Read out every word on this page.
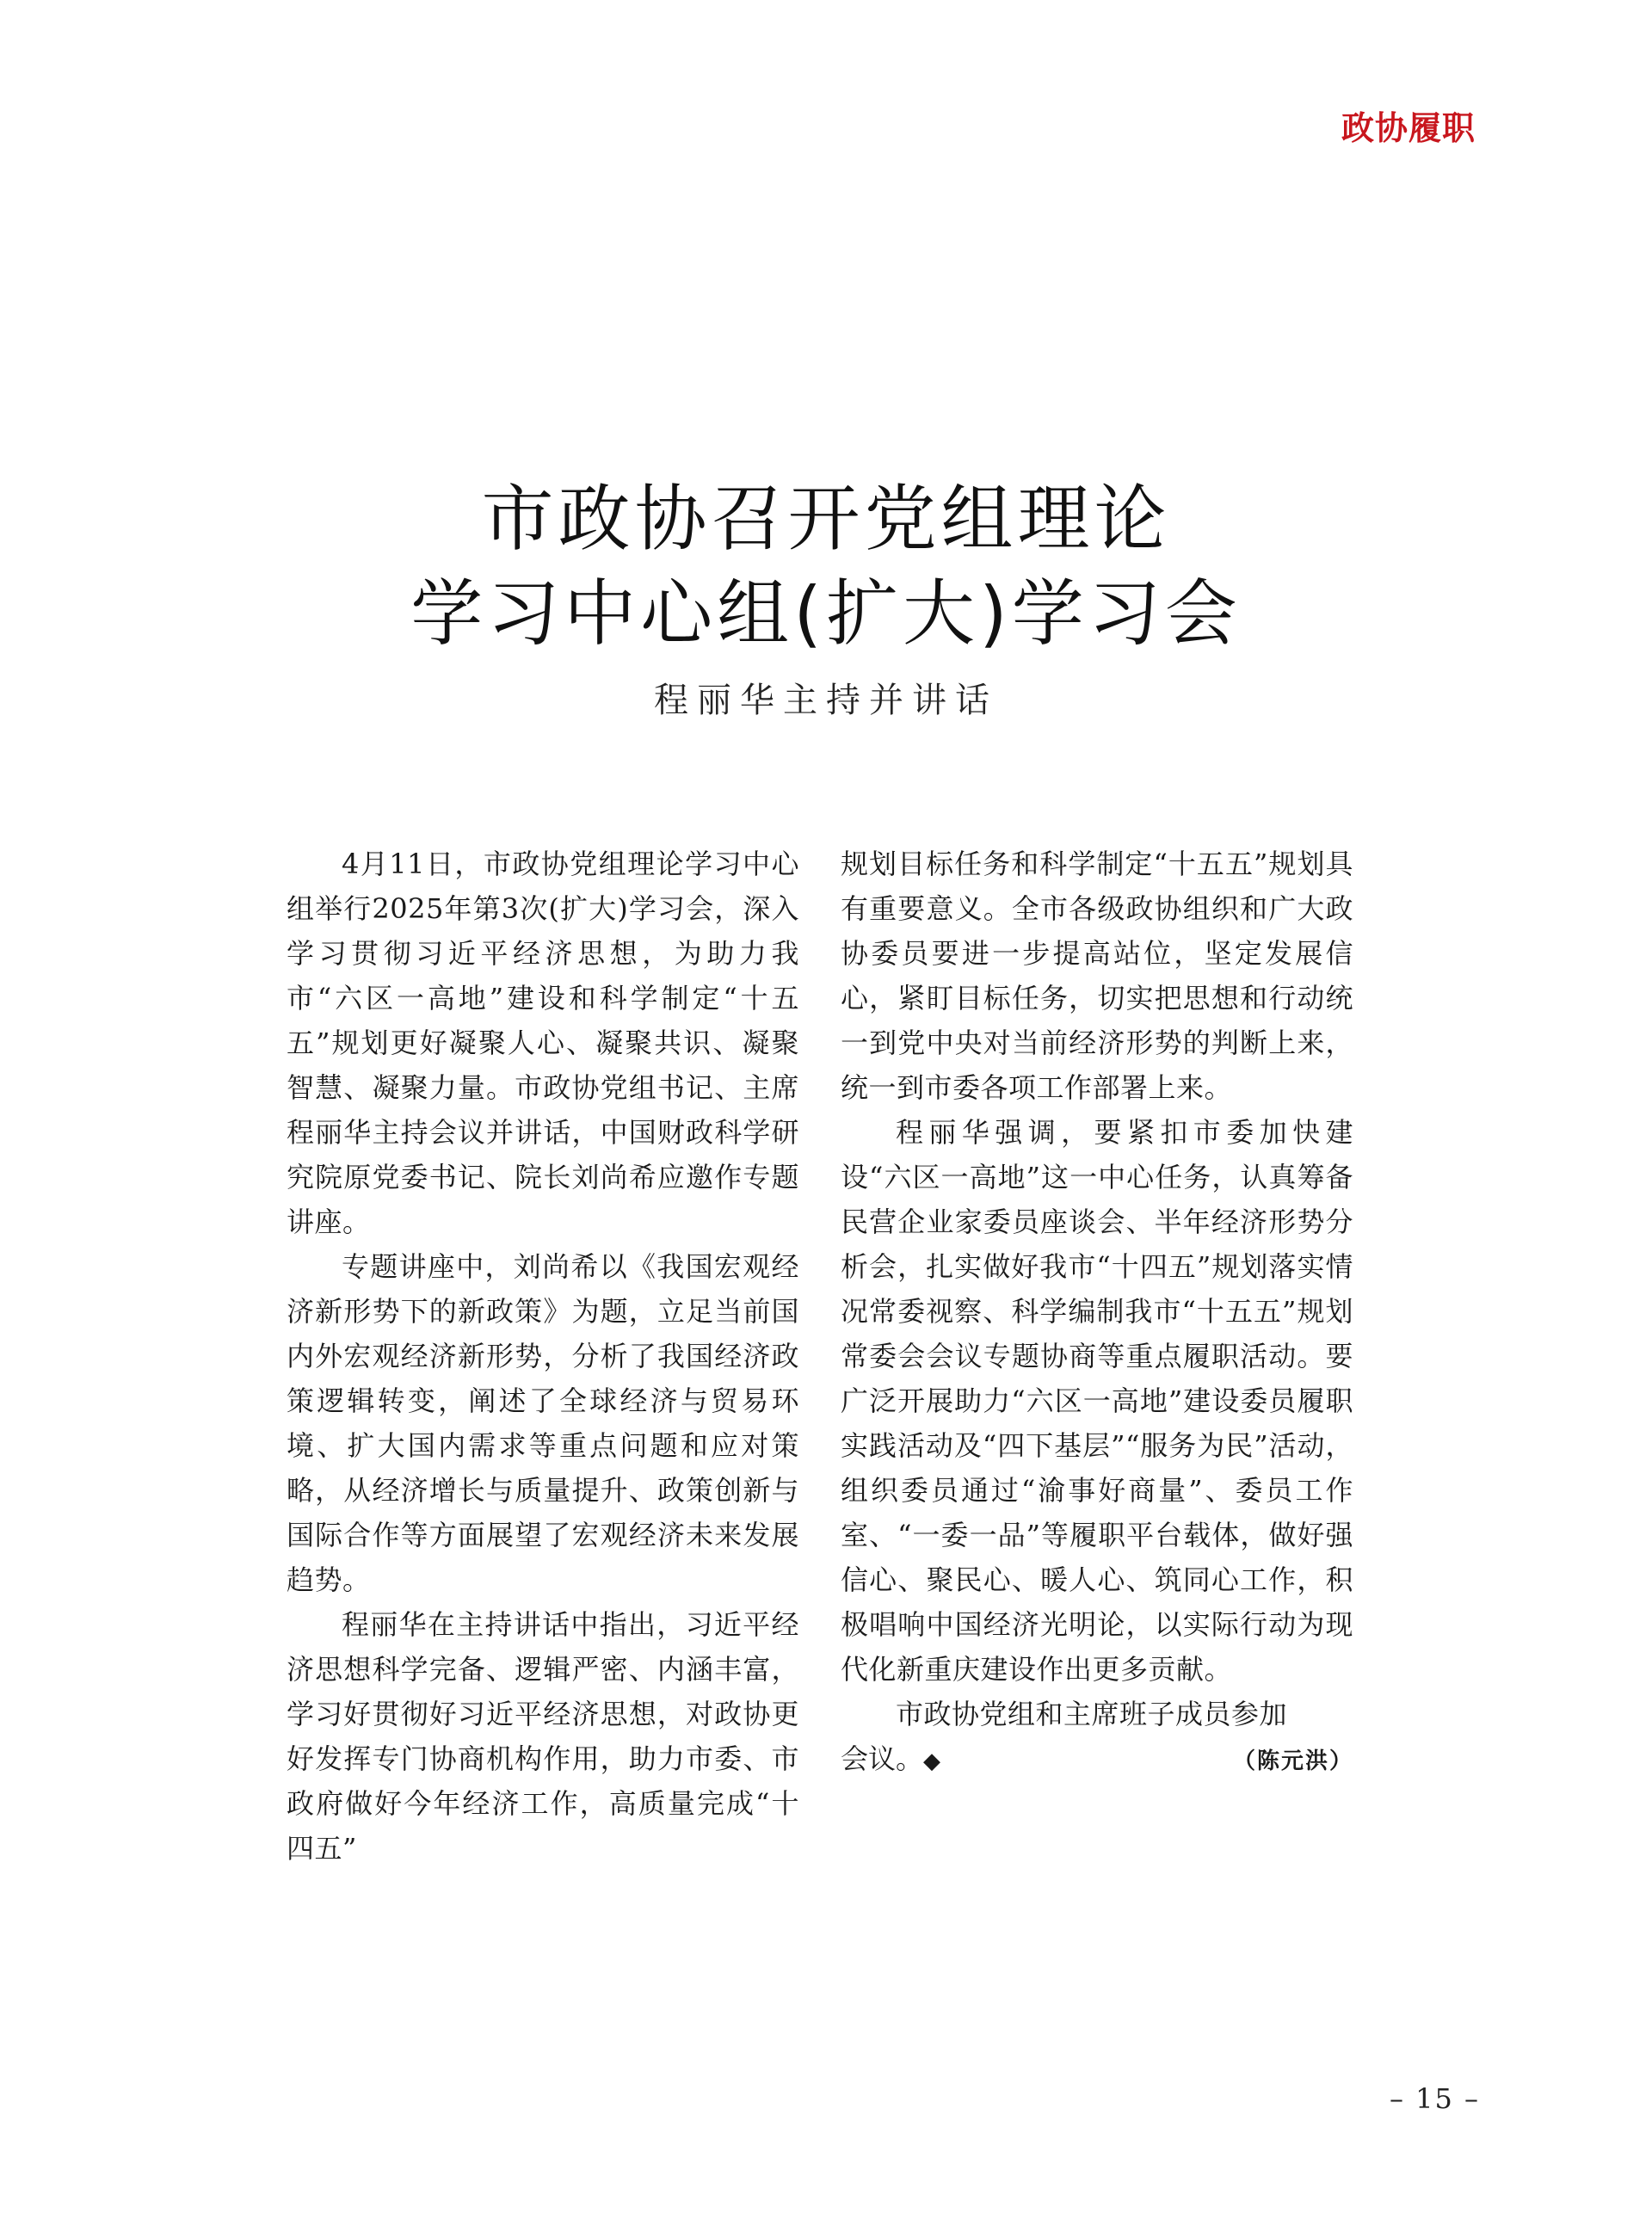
政协履职
市政协召开党组理论
学习中心组(扩大)学习会
程丽华主持并讲话

4月11日，市政协党组理论学习中心组举行2025年第3次(扩大)学习会，深入学习贯彻习近平经济思想，为助力我市“六区一高地”建设和科学制定“十五五”规划更好凝聚人心、凝聚共识、凝聚智慧、凝聚力量。市政协党组书记、主席程丽华主持会议并讲话，中国财政科学研究院原党委书记、院长刘尚希应邀作专题讲座。

专题讲座中，刘尚希以《我国宏观经济新形势下的新政策》为题，立足当前国内外宏观经济新形势，分析了我国经济政策逻辑转变，阐述了全球经济与贸易环境、扩大国内需求等重点问题和应对策略，从经济增长与质量提升、政策创新与国际合作等方面展望了宏观经济未来发展趋势。

程丽华在主持讲话中指出，习近平经济思想科学完备、逻辑严密、内涵丰富，学习好贯彻好习近平经济思想，对政协更好发挥专门协商机构作用，助力市委、市政府做好今年经济工作，高质量完成“十四五”

规划目标任务和科学制定“十五五”规划具有重要意义。全市各级政协组织和广大政协委员要进一步提高站位，坚定发展信心，紧盯目标任务，切实把思想和行动统一到党中央对当前经济形势的判断上来，统一到市委各项工作部署上来。

程丽华强调，要紧扣市委加快建设“六区一高地”这一中心任务，认真筹备民营企业家委员座谈会、半年经济形势分析会，扎实做好我市“十四五”规划落实情况常委视察、科学编制我市“十五五”规划常委会会议专题协商等重点履职活动。要广泛开展助力“六区一高地”建设委员履职实践活动及“四下基层”“服务为民”活动，组织委员通过“渝事好商量”、委员工作室、“一委一品”等履职平台载体，做好强信心、聚民心、暖人心、筑同心工作，积极唱响中国经济光明论，以实际行动为现代化新重庆建设作出更多贡献。

市政协党组和主席班子成员参加

会议。◆	（陈元洪）
– 15 –
